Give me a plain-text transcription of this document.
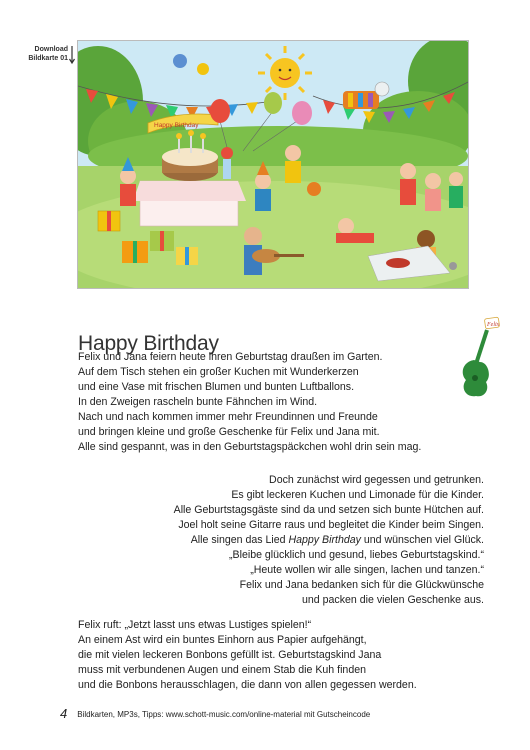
Download
Bildkarte 01
Happy Birthday
Happy Birthday
Felix
Felix und Jana feiern heute ihren Geburtstag draußen im Garten.
Auf dem Tisch stehen ein großer Kuchen mit Wunderkerzen
und eine Vase mit frischen Blumen und bunten Luftballons.
In den Zweigen rascheln bunte Fähnchen im Wind.
Nach und nach kommen immer mehr Freundinnen und Freunde
und bringen kleine und große Geschenke für Felix und Jana mit.
Alle sind gespannt, was in den Geburtstagspäckchen wohl drin sein mag.
Doch zunächst wird gegessen und getrunken.
Es gibt leckeren Kuchen und Limonade für die Kinder.
Alle Geburtstagsgäste sind da und setzen sich bunte Hütchen auf.
Joel holt seine Gitarre raus und begleitet die Kinder beim Singen.
Alle singen das Lied Happy Birthday und wünschen viel Glück.
„Bleibe glücklich und gesund, liebes Geburtstagskind.“
„Heute wollen wir alle singen, lachen und tanzen.“
Felix und Jana bedanken sich für die Glückwünsche
und packen die vielen Geschenke aus.
Felix ruft: „Jetzt lasst uns etwas Lustiges spielen!“
An einem Ast wird ein buntes Einhorn aus Papier aufgehängt,
die mit vielen leckeren Bonbons gefüllt ist. Geburtstagskind Jana
muss mit verbundenen Augen und einem Stab die Kuh finden
und die Bonbons herausschlagen, die dann von allen gegessen werden.
4 Bildkarten, MP3s, Tipps: www.schott-music.com/online-material mit Gutscheincode
